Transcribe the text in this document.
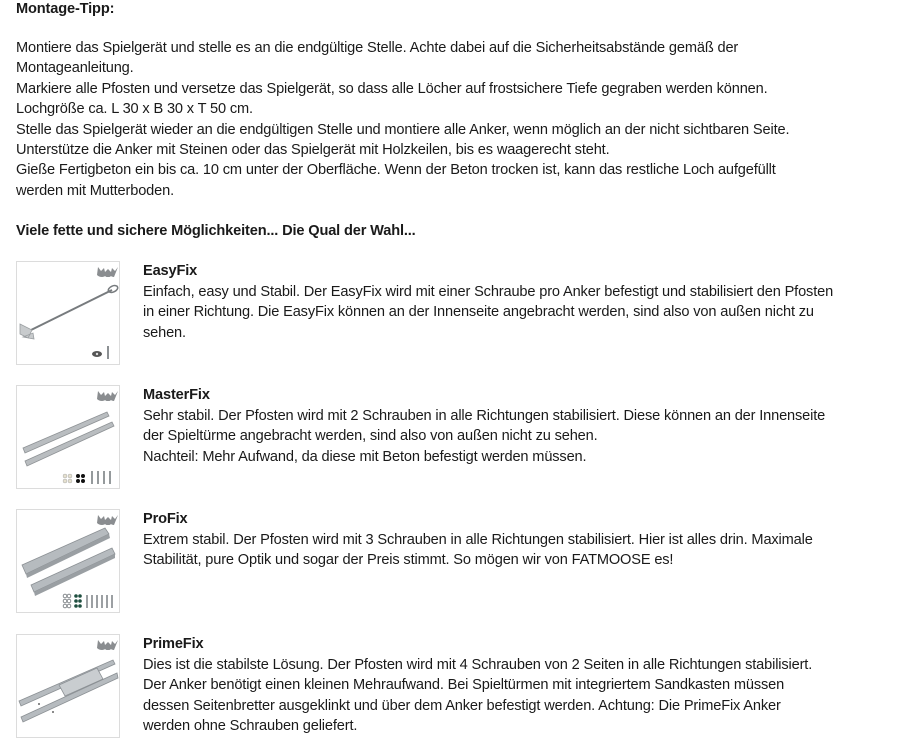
Montage-Tipp:
Montiere das Spielgerät und stelle es an die endgültige Stelle. Achte dabei auf die Sicherheitsabstände gemäß der
Montageanleitung.
Markiere alle Pfosten und versetze das Spielgerät, so dass alle Löcher auf frostsichere Tiefe gegraben werden können.
Lochgröße ca. L 30 x B 30 x T 50 cm.
Stelle das Spielgerät wieder an die endgültigen Stelle und montiere alle Anker, wenn möglich an der nicht sichtbaren Seite.
Unterstütze die Anker mit Steinen oder das Spielgerät mit Holzkeilen, bis es waagerecht steht.
Gieße Fertigbeton ein bis ca. 10 cm unter der Oberfläche. Wenn der Beton trocken ist, kann das restliche Loch aufgefüllt
werden mit Mutterboden.
Viele fette und sichere Möglichkeiten... Die Qual der Wahl...
EasyFix
Einfach, easy und Stabil. Der EasyFix wird mit einer Schraube pro Anker befestigt und stabilisiert den Pfosten
in einer Richtung. Die EasyFix können an der Innenseite angebracht werden, sind also von außen nicht zu
sehen.
MasterFix
Sehr stabil. Der Pfosten wird mit 2 Schrauben in alle Richtungen stabilisiert. Diese können an der Innenseite
der Spieltürme angebracht werden, sind also von außen nicht zu sehen.
Nachteil: Mehr Aufwand, da diese mit Beton befestigt werden müssen.
ProFix
Extrem stabil. Der Pfosten wird mit 3 Schrauben in alle Richtungen stabilisiert. Hier ist alles drin. Maximale
Stabilität, pure Optik und sogar der Preis stimmt. So mögen wir von FATMOOSE es!
PrimeFix
Dies ist die stabilste Lösung. Der Pfosten wird mit 4 Schrauben von 2 Seiten in alle Richtungen stabilisiert.
Der Anker benötigt einen kleinen Mehraufwand. Bei Spieltürmen mit integriertem Sandkasten müssen
dessen Seitenbretter ausgeklinkt und über dem Anker befestigt werden. Achtung: Die PrimeFix Anker
werden ohne Schrauben geliefert.
